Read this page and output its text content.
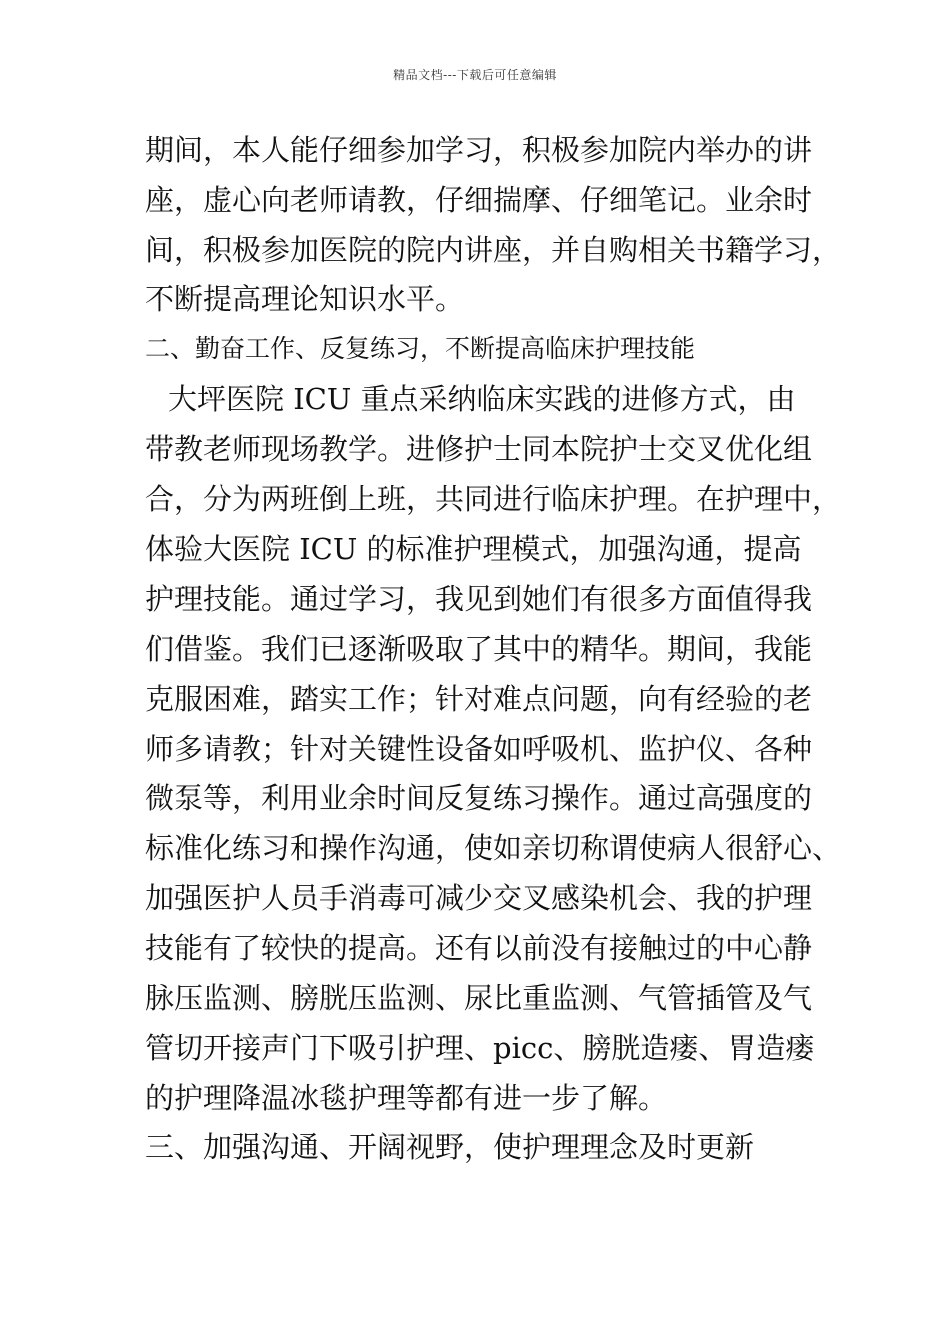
精品文档---下载后可任意编辑
期间，本人能仔细参加学习，积极参加院内举办的讲
座，虚心向老师请教，仔细揣摩、仔细笔记。业余时
间，积极参加医院的院内讲座，并自购相关书籍学习，
不断提高理论知识水平。
二、勤奋工作、反复练习，不断提高临床护理技能
大坪医院 ICU 重点采纳临床实践的进修方式，由
带教老师现场教学。进修护士同本院护士交叉优化组
合，分为两班倒上班，共同进行临床护理。在护理中，
体验大医院 ICU 的标准护理模式，加强沟通，提高
护理技能。通过学习，我见到她们有很多方面值得我
们借鉴。我们已逐渐吸取了其中的精华。期间，我能
克服困难，踏实工作；针对难点问题，向有经验的老
师多请教；针对关键性设备如呼吸机、监护仪、各种
微泵等，利用业余时间反复练习操作。通过高强度的
标准化练习和操作沟通，使如亲切称谓使病人很舒心、
加强医护人员手消毒可减少交叉感染机会、我的护理
技能有了较快的提高。还有以前没有接触过的中心静
脉压监测、膀胱压监测、尿比重监测、气管插管及气
管切开接声门下吸引护理、picc、膀胱造瘘、胃造瘘
的护理降温冰毯护理等都有进一步了解。
三、加强沟通、开阔视野，使护理理念及时更新
